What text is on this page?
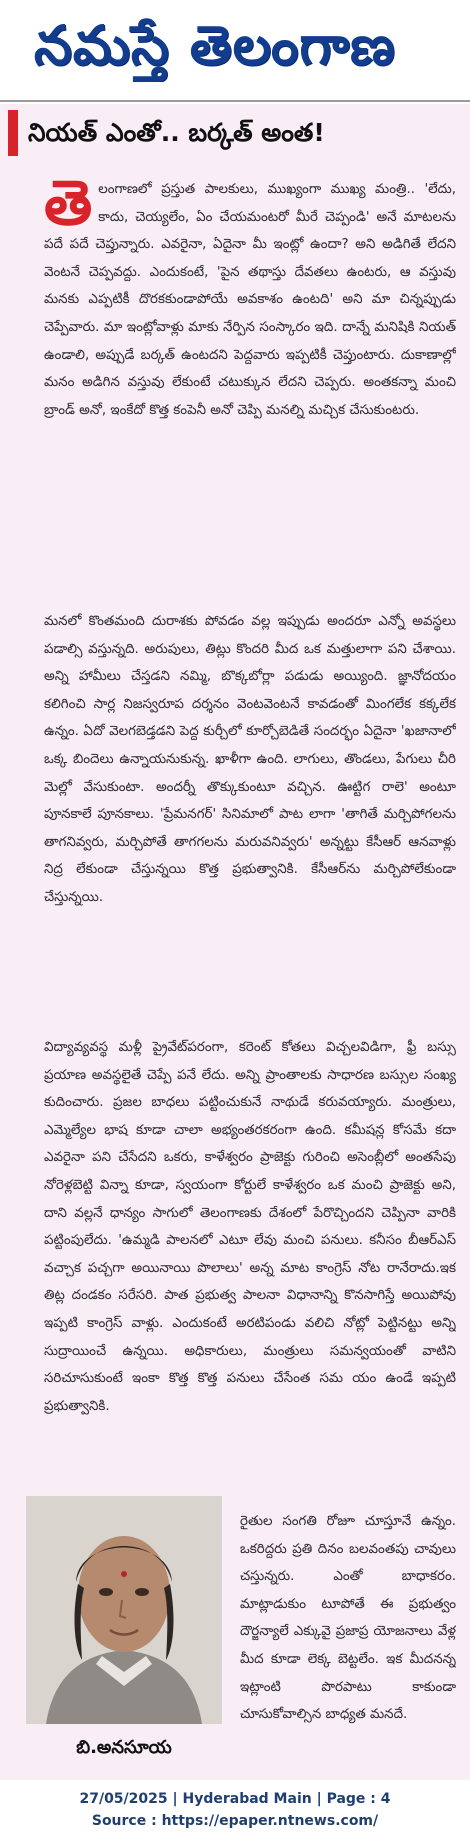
నమస్తే తెలంగాణ
నియత్ ఎంతో.. బర్కత్ అంత!

తెలంగాణలో ప్రస్తుత పాలకులు, ముఖ్యంగా ముఖ్య మంత్రి.. 'లేదు, కాదు, చెయ్యలేం, ఏం చేయమంటరో మీరే చెప్పండి' అనే మాటలను పదే పదే చెప్తున్నారు. ఎవరైనా, ఏదైనా మీ ఇంట్లో ఉందా? అని అడిగితే లేదని వెంటనే చెప్పవద్దు. ఎందుకంటే, 'పైన తథాస్తు దేవతలు ఉంటరు, ఆ వస్తువు మనకు ఎప్పటికీ దొరకకుండాపోయే అవకాశం ఉంటది' అని మా చిన్నప్పుడు చెప్పేవారు. మా ఇంట్లోవాళ్లు మాకు నేర్పిన సంస్కారం ఇది. దాన్నే మనిషికి నియత్ ఉండాలి, అప్పుడే బర్కత్ ఉంటదని పెద్దవారు ఇప్పటికీ చెప్తుంటారు. దుకాణాల్లో మనం అడిగిన వస్తువు లేకుంటే చటుక్కున లేదని చెప్పరు. అంతకన్నా మంచి బ్రాండ్ అనో, ఇంకేదో కొత్త కంపెనీ అనో చెప్పి మనల్ని మచ్చిక చేసుకుంటరు.

మనలో కొంతమంది దురాశకు పోవడం వల్ల ఇప్పుడు అందరూ ఎన్నో అవస్థలు పడాల్సి వస్తున్నది. అరుపులు, తిట్లు కొందరి మీద ఒక మత్తులాగా పని చేశాయి. అన్ని హామీలు చేస్తడని నమ్మి, బొక్కబోర్లా పడుడు అయ్యింది. జ్ఞానోదయం కలిగించి సార్ల నిజస్వరూప దర్శనం వెంటవెంటనే కావడంతో మింగలేక కక్కలేక ఉన్నం. ఏదో వెలగబెడ్తడని పెద్ద కుర్చీలో కూర్చోబెడితే సందర్భం ఏదైనా 'ఖజానాలో ఒక్క బిందెలు ఉన్నాయనుకున్న. ఖాళీగా ఉంది. లాగులు, తొండలు, పేగులు చీరి మెల్లో వేసుకుంటా. అందర్నీ తొక్కుకుంటూ వచ్చిన. ఊట్టిగ రాలె' అంటూ పూనకాలే పూనకాలు. 'ప్రేమనగర్' సినిమాలో పాట లాగా 'తాగితే మర్చిపోగలను తాగనివ్వరు, మర్చిపోతే తాగగలను మరువనివ్వరు' అన్నట్టు కేసీఆర్ ఆనవాళ్లు నిద్ర లేకుండా చేస్తున్నయి కొత్త ప్రభుత్వానికి. కేసీఆర్‌ను మర్చిపోలేకుండా చేస్తున్నయి.

విద్యావ్యవస్థ మళ్లీ ప్రైవేట్‌పరంగా, కరెంట్ కోతలు విచ్చలవిడిగా, ఫ్రీ బస్సు ప్రయాణ అవస్థలైతే చెప్పే పనే లేదు. అన్ని ప్రాంతాలకు సాధారణ బస్సుల సంఖ్య కుదించారు. ప్రజల బాధలు పట్టించుకునే నాథుడే కరువయ్యారు. మంత్రులు, ఎమ్మెల్యేల భాష కూడా చాలా అభ్యంతరకరంగా ఉంది. కమీషన్ల కోసమే కదా ఎవరైనా పని చేసేదని ఒకరు, కాళేశ్వరం ప్రాజెక్టు గురించి అసెంబ్లీలో అంతసేపు నోరెళ్లబెట్టి విన్నా కూడా, స్వయంగా కోర్టులే కాళేశ్వరం ఒక మంచి ప్రాజెక్టు అని, దాని వల్లనే ధాన్యం సాగులో తెలంగాణకు దేశంలో పేరొచ్చిందని చెప్పినా వారికి పట్టింపులేదు. 'ఉమ్మడి పాలనలో ఎటూ లేవు మంచి పనులు. కనీసం బీఆర్ఎస్ వచ్చాక పచ్చగా అయినాయి పొలాలు' అన్న మాట కాంగ్రెస్ నోట రానేరాదు.ఇక తిట్ల దండకం సరేసరి. పాత ప్రభుత్వ పాలనా విధానాన్ని కొనసాగిస్తే అయిపోవు ఇప్పటి కాంగ్రెస్ వాళ్లు. ఎందుకంటే అరటిపండు వలిచి నోట్లో పెట్టినట్టు అన్ని సుద్రాయించే ఉన్నయి. అధికారులు, మంత్రులు సమన్వయంతో వాటిని సరిచూసుకుంటే ఇంకా కొత్త కొత్త పనులు చేసేంత సమ యం ఉండే ఇప్పటి ప్రభుత్వానికి.

బి.అనసూయ

రైతుల సంగతి రోజూ చూస్తూనే ఉన్నం. ఒకరిద్దరు ప్రతి దినం బలవంతపు చావులు చస్తున్నరు. ఎంతో బాధాకరం. మాట్లాడుకుం టూపోతే ఈ ప్రభుత్వం దౌర్జన్యాలే ఎక్కువై ప్రజాప్ర యోజనాలు వేళ్ల మీద కూడా లెక్క బెట్టలేం. ఇక మీదనన్న ఇట్లాంటి పొరపాటు కాకుండా చూసుకోవాల్సిన బాధ్యత మనదే.

27/05/2025 | Hyderabad Main | Page : 4

Source : https://epaper.ntnews.com/
